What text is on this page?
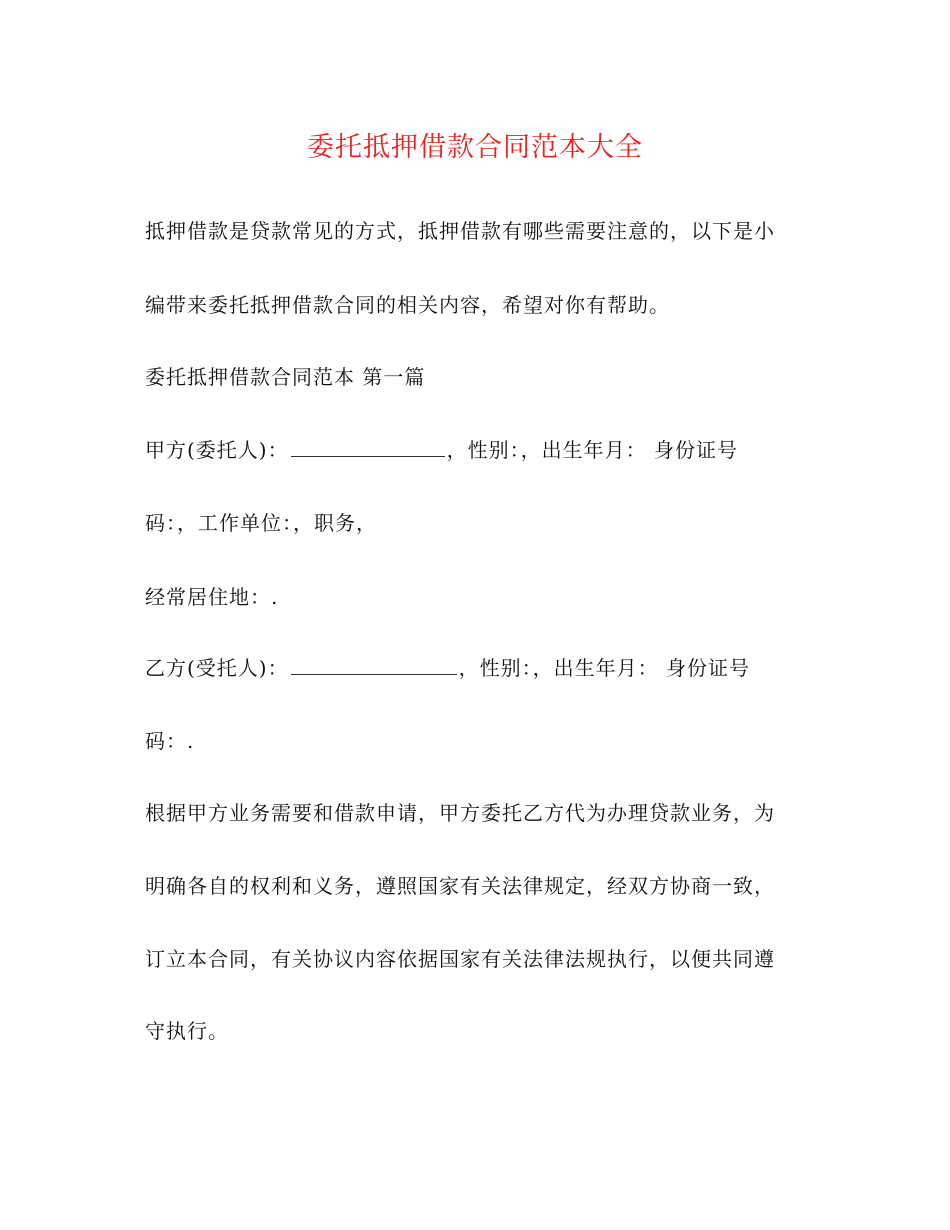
委托抵押借款合同范本大全
抵押借款是贷款常见的方式，抵押借款有哪些需要注意的，以下是小
编带来委托抵押借款合同的相关内容，希望对你有帮助。
委托抵押借款合同范本 第一篇
甲方(委托人)：	，性别：，出生年月： 身份证号
码：，工作单位：，职务，
经常居住地：.
乙方(受托人)：	，性别：，出生年月： 身份证号
码：.
根据甲方业务需要和借款申请，甲方委托乙方代为办理贷款业务，为
明确各自的权利和义务，遵照国家有关法律规定，经双方协商一致，
订立本合同，有关协议内容依据国家有关法律法规执行，以便共同遵
守执行。
